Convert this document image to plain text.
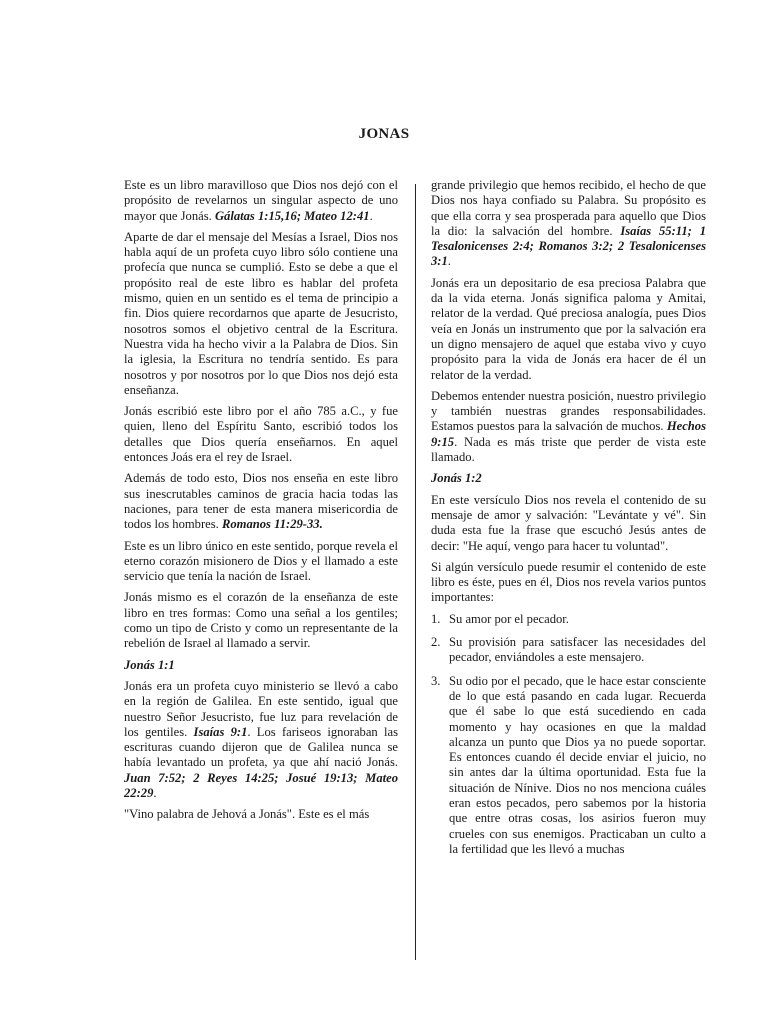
JONAS

Este es un libro maravilloso que Dios nos dejó con el propósito de revelarnos un singular aspecto de uno mayor que Jonás. Gálatas 1:15,16; Mateo 12:41.

Aparte de dar el mensaje del Mesías a Israel, Dios nos habla aquí de un profeta cuyo libro sólo contiene una profecía que nunca se cumplió. Esto se debe a que el propósito real de este libro es hablar del profeta mismo, quien en un sentido es el tema de principio a fin. Dios quiere recordarnos que aparte de Jesucristo, nosotros somos el objetivo central de la Escritura. Nuestra vida ha hecho vivir a la Palabra de Dios. Sin la iglesia, la Escritura no tendría sentido. Es para nosotros y por nosotros por lo que Dios nos dejó esta enseñanza.

Jonás escribió este libro por el año 785 a.C., y fue quien, lleno del Espíritu Santo, escribió todos los detalles que Dios quería enseñarnos. En aquel entonces Joás era el rey de Israel.

Además de todo esto, Dios nos enseña en este libro sus inescrutables caminos de gracia hacia todas las naciones, para tener de esta manera misericordia de todos los hombres. Romanos 11:29-33.

Este es un libro único en este sentido, porque revela el eterno corazón misionero de Dios y el llamado a este servicio que tenía la nación de Israel.

Jonás mismo es el corazón de la enseñanza de este libro en tres formas: Como una señal a los gentiles; como un tipo de Cristo y como un representante de la rebelión de Israel al llamado a servir.

Jonás 1:1

Jonás era un profeta cuyo ministerio se llevó a cabo en la región de Galilea. En este sentido, igual que nuestro Señor Jesucristo, fue luz para revelación de los gentiles. Isaías 9:1. Los fariseos ignoraban las escrituras cuando dijeron que de Galilea nunca se había levantado un profeta, ya que ahí nació Jonás. Juan 7:52; 2 Reyes 14:25; Josué 19:13; Mateo 22:29.

"Vino palabra de Jehová a Jonás". Este es el más

grande privilegio que hemos recibido, el hecho de que Dios nos haya confiado su Palabra. Su propósito es que ella corra y sea prosperada para aquello que Dios la dio: la salvación del hombre. Isaías 55:11; 1 Tesalonicenses 2:4; Romanos 3:2; 2 Tesalonicenses 3:1.

Jonás era un depositario de esa preciosa Palabra que da la vida eterna. Jonás significa paloma y Amitai, relator de la verdad. Qué preciosa analogía, pues Dios veía en Jonás un instrumento que por la salvación era un digno mensajero de aquel que estaba vivo y cuyo propósito para la vida de Jonás era hacer de él un relator de la verdad.

Debemos entender nuestra posición, nuestro privilegio y también nuestras grandes responsabilidades. Estamos puestos para la salvación de muchos. Hechos 9:15. Nada es más triste que perder de vista este llamado.

Jonás 1:2

En este versículo Dios nos revela el contenido de su mensaje de amor y salvación: "Levántate y vé". Sin duda esta fue la frase que escuchó Jesús antes de decir: "He aquí, vengo para hacer tu voluntad".

Si algún versículo puede resumir el contenido de este libro es éste, pues en él, Dios nos revela varios puntos importantes:

1. Su amor por el pecador.
2. Su provisión para satisfacer las necesidades del pecador, enviándoles a este mensajero.
3. Su odio por el pecado, que le hace estar consciente de lo que está pasando en cada lugar. Recuerda que él sabe lo que está sucediendo en cada momento y hay ocasiones en que la maldad alcanza un punto que Dios ya no puede soportar. Es entonces cuando él decide enviar el juicio, no sin antes dar la última oportunidad. Esta fue la situación de Nínive. Dios no nos menciona cuáles eran estos pecados, pero sabemos por la historia que entre otras cosas, los asirios fueron muy crueles con sus enemigos. Practicaban un culto a la fertilidad que les llevó a muchas
